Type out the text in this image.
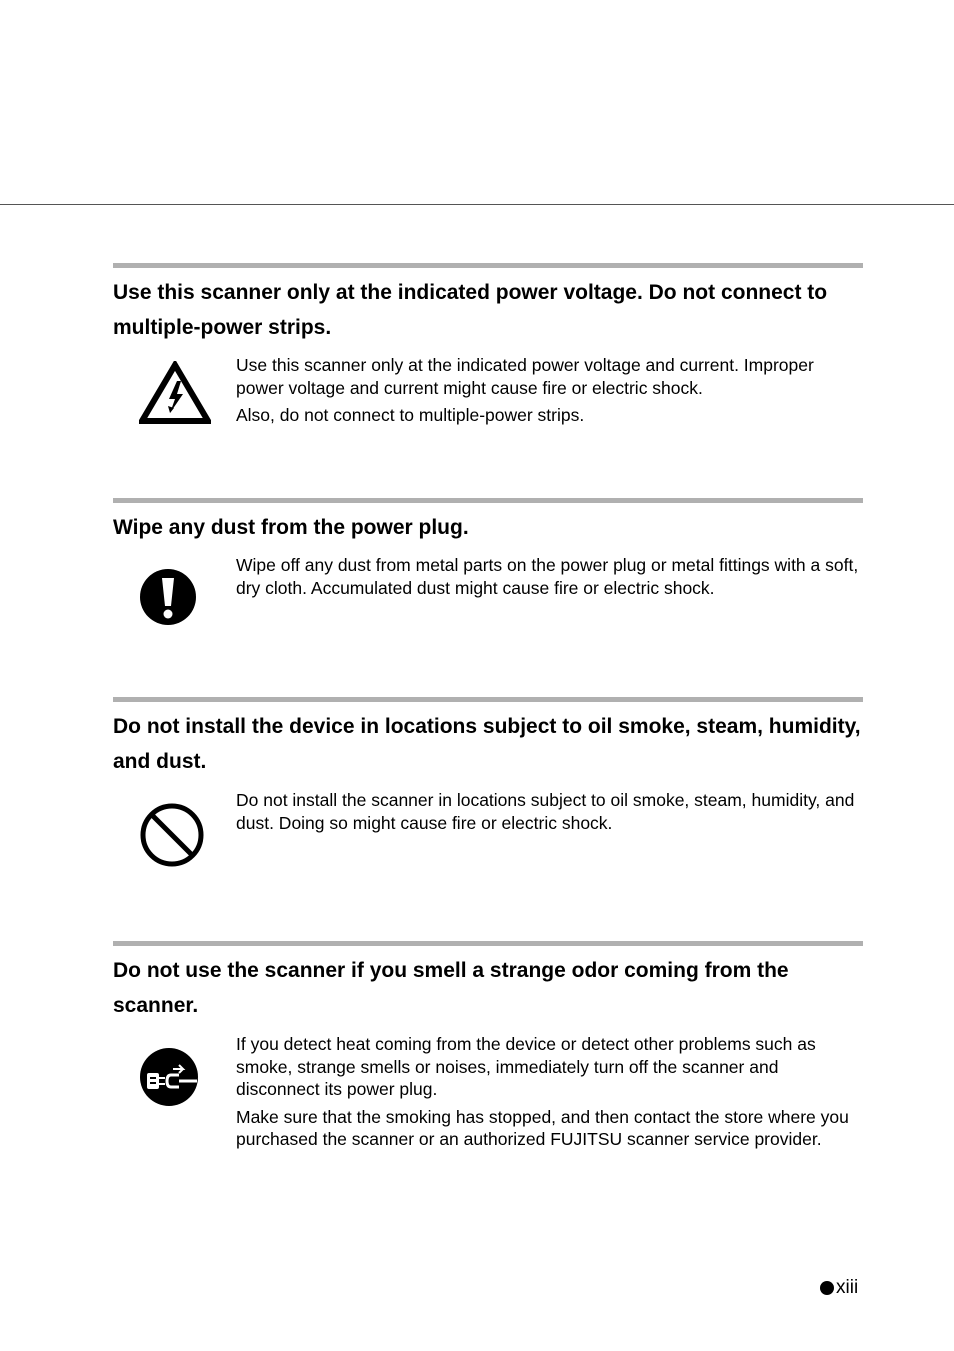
Use this scanner only at the indicated power voltage. Do not connect to multiple-power strips.

Use this scanner only at the indicated power voltage and current. Improper power voltage and current might cause fire or electric shock.

Also, do not connect to multiple-power strips.

Wipe any dust from the power plug.

Wipe off any dust from metal parts on the power plug or metal fittings with a soft, dry cloth. Accumulated dust might cause fire or electric shock.

Do not install the device in locations subject to oil smoke, steam, humidity, and dust.

Do not install the scanner in locations subject to oil smoke, steam, humidity, and dust. Doing so might cause fire or electric shock.

Do not use the scanner if you smell a strange odor coming from the scanner.

If you detect heat coming from the device or detect other problems such as smoke, strange smells or noises, immediately turn off the scanner and disconnect its power plug.

Make sure that the smoking has stopped, and then contact the store where you purchased the scanner or an authorized FUJITSU scanner service provider.

xiii
